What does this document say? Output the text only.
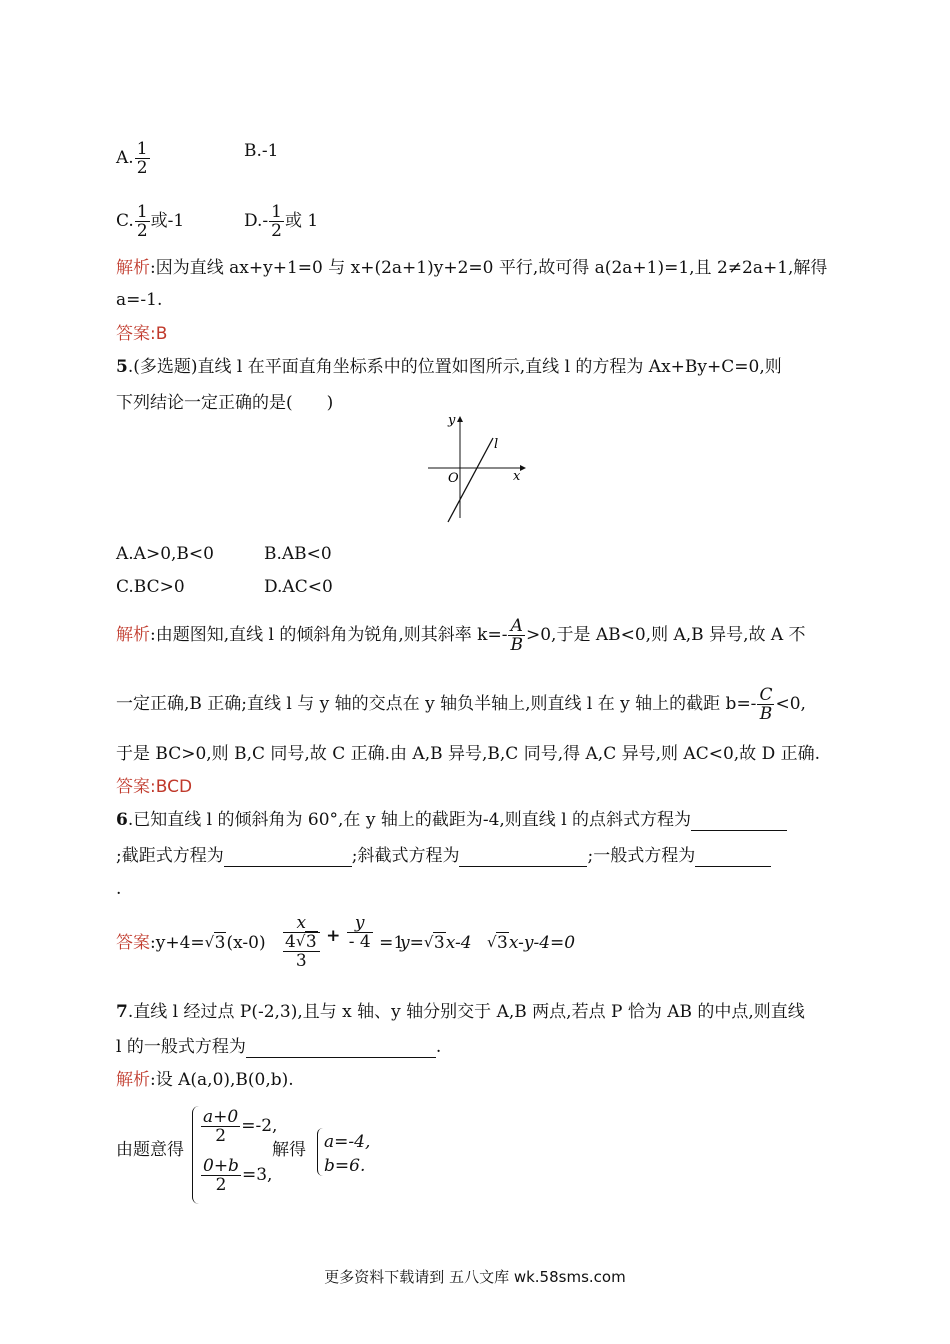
A. $\frac{1}{2}$	B.-1
C. $\frac{1}{2}$ 或-1	$D.- \frac{1}{2}$ 或 1
解析:因为直线 ax+y+1=0 与 x+(2a+1)y+2=0 平行,故可得 a(2a+1)=1,且 2≠2a+1,解得
a=-1.
答案:B
5.(多选题)直线 l 在平面直角坐标系中的位置如图所示,直线 l 的方程为 Ax+By+C=0,则
下列结论一定正确的是(　　)
y
x
O
l
A.A>0,B<0	B.AB<0
C.BC>0	D.AC<0
解析:由题图知,直线 l 的倾斜角为锐角,则其斜率 $k=- \frac{A}{B} >0$,于是 AB<0,则 A,B 异号,故 A 不
一定正确,B 正确;直线 l 与 y 轴的交点在 y 轴负半轴上,则直线 l 在 y 轴上的截距 $b=- \frac{C}{B} <0$,
于是 BC>0,则 B,C 同号,故 C 正确.由 A,B 异号,B,C 同号,得 A,C 异号,则 AC<0,故 D 正确.
答案:BCD
6.已知直线 l 的倾斜角为 60°,在 y 轴上的截距为-4,则直线 l 的点斜式方程为
;截距式方程为	;斜截式方程为	;一般式方程为
.
答案:y+4= √ 3(x-0)
x
4 √ 3
3
+ $\frac{y}{- 4} =1$
y= √ 3x-4	√ 3x-y-4=0
7.直线 l 经过点 P(-2,3),且与 x 轴、y 轴分别交于 A,B 两点,若点 P 恰为 AB 的中点,则直线
l 的一般式方程为	.
解析:设 A(a,0),B(0,b).
由题意得
$\frac{a+0}{2} =-2$,
解得
$\frac{0+b}{2} =3$,
a=-4,
b=6.
更多资料下载请到 五八文库 wk.58sms.com
